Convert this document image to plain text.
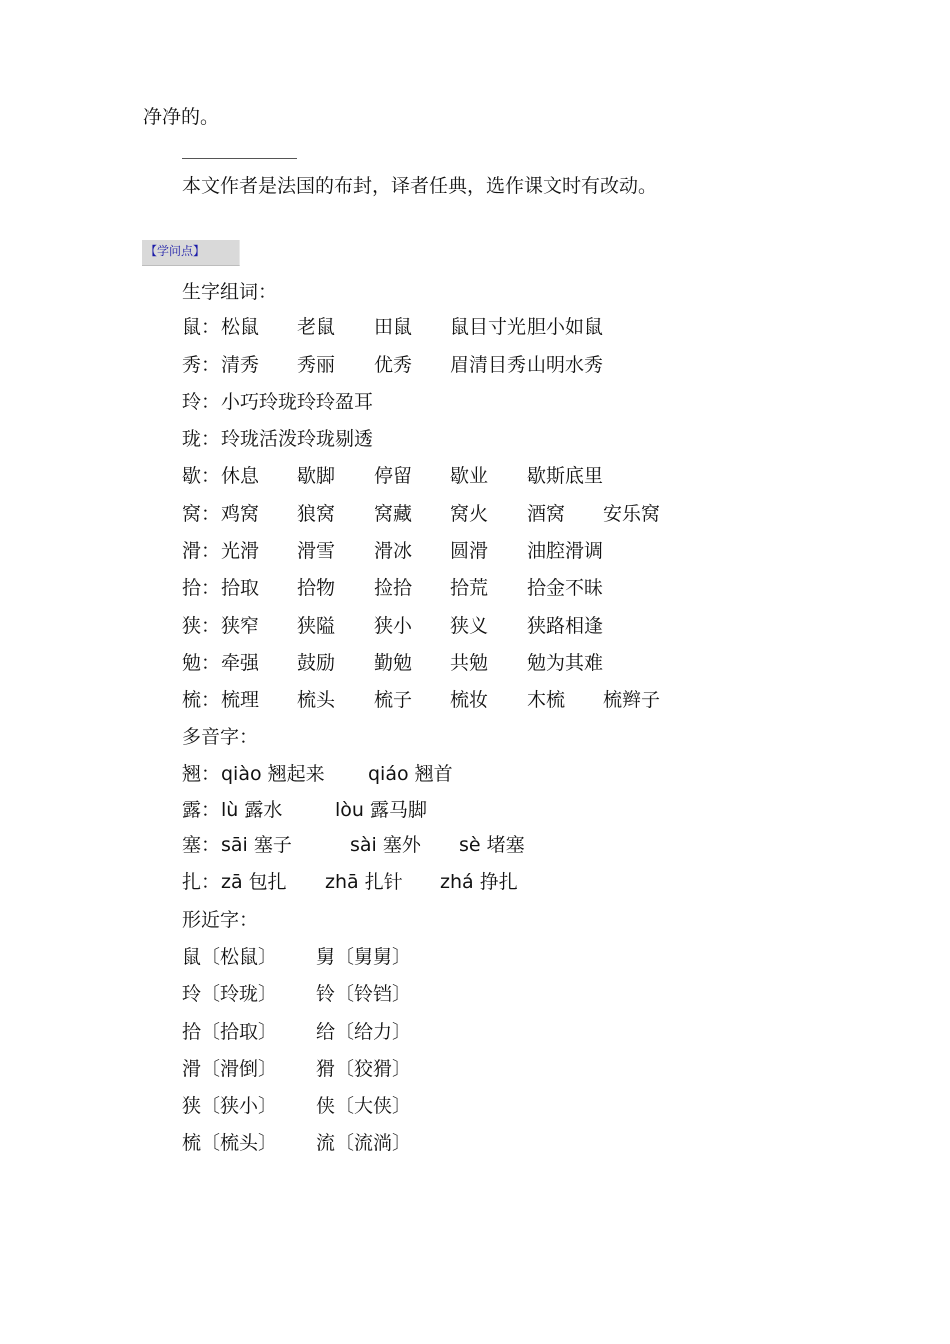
净净的。
本文作者是法国的布封，译者任典，选作课文时有改动。
【学问点】
生字组词：
鼠： 松鼠 老鼠 田鼠 鼠目寸光 胆小如鼠
秀： 清秀 秀丽 优秀 眉清目秀 山明水秀
玲： 小巧玲珑 玲玲盈耳
珑： 玲珑活泼 玲珑剔透
歇： 休息 歇脚 停留 歇业 歇斯底里
窝： 鸡窝 狼窝 窝藏 窝火 酒窝 安乐窝
滑： 光滑 滑雪 滑冰 圆滑 油腔滑调
拾： 拾取 拾物 捡拾 拾荒 拾金不昧
狭： 狭窄 狭隘 狭小 狭义 狭路相逢
勉： 牵强 鼓励 勤勉 共勉 勉为其难
梳： 梳理 梳头 梳子 梳妆 木梳 梳辫子
多音字：
翘： qiào 翘起来 qiáo 翘首
露： lù 露水	lòu 露马脚
塞： sāi 塞子	sài 塞外 sè 堵塞
扎： zā 包扎 zhā 扎针 zhá 挣扎
形近字：
鼠〔松鼠〕 舅〔舅舅〕
玲〔玲珑〕 铃〔铃铛〕
拾〔拾取〕 给〔给力〕
滑〔滑倒〕 猾〔狡猾〕
狭〔狭小〕 侠〔大侠〕
梳〔梳头〕 流〔流淌〕
